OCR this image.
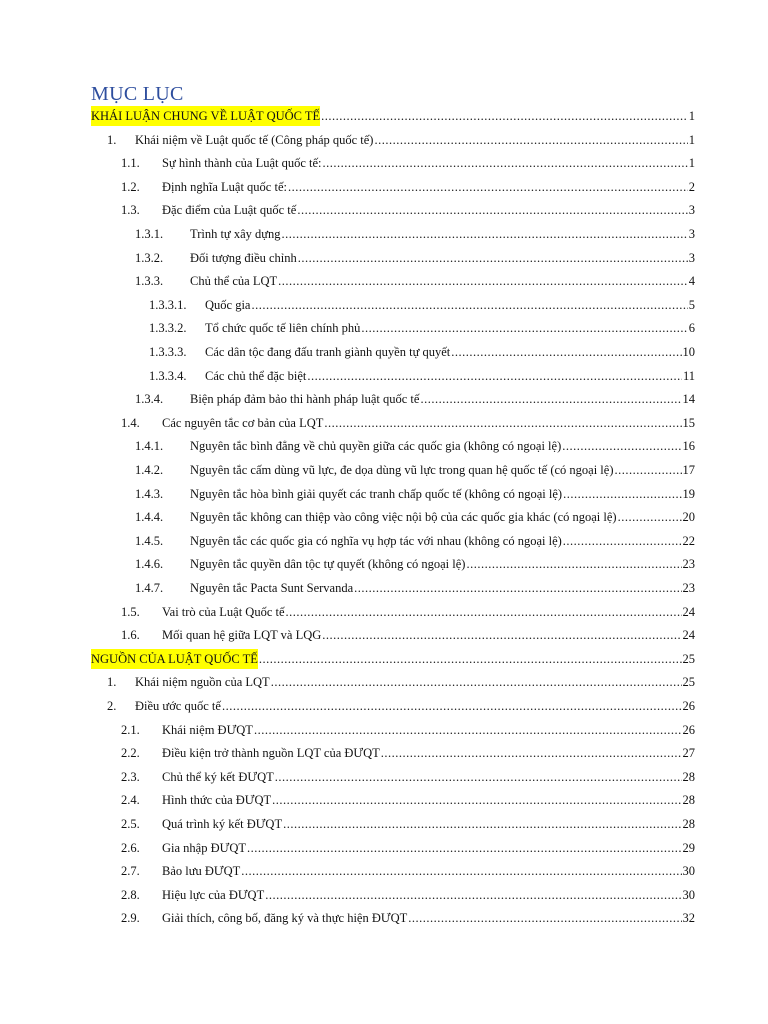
MỤC LỤC
KHÁI LUẬN CHUNG VỀ LUẬT QUỐC TẾ .....	1
1. Khái niệm về Luật quốc tế (Công pháp quốc tế) .....	1
1.1. Sự hình thành của Luật quốc tế: .....	1
1.2. Định nghĩa Luật quốc tế: .....	2
1.3. Đặc điểm của Luật quốc tế .....	3
1.3.1. Trình tự xây dựng .....	3
1.3.2. Đối tượng điều chỉnh .....	3
1.3.3. Chủ thể của LQT .....	4
1.3.3.1. Quốc gia .....	5
1.3.3.2. Tổ chức quốc tế liên chính phủ .....	6
1.3.3.3. Các dân tộc đang đấu tranh giành quyền tự quyết .....	10
1.3.3.4. Các chủ thể đặc biệt .....	11
1.3.4. Biện pháp đảm bảo thi hành pháp luật quốc tế .....	14
1.4. Các nguyên tắc cơ bản của LQT .....	15
1.4.1. Nguyên tắc bình đẳng về chủ quyền giữa các quốc gia (không có ngoại lệ) .....	16
1.4.2. Nguyên tắc cấm dùng vũ lực, đe dọa dùng vũ lực trong quan hệ quốc tế (có ngoại lệ) .....	17
1.4.3. Nguyên tắc hòa bình giải quyết các tranh chấp quốc tế (không có ngoại lệ) .....	19
1.4.4. Nguyên tắc không can thiệp vào công việc nội bộ của các quốc gia khác (có ngoại lệ) .....	20
1.4.5. Nguyên tắc các quốc gia có nghĩa vụ hợp tác với nhau (không có ngoại lệ) .....	22
1.4.6. Nguyên tắc quyền dân tộc tự quyết (không có ngoại lệ) .....	23
1.4.7. Nguyên tắc Pacta Sunt Servanda .....	23
1.5. Vai trò của Luật Quốc tế .....	24
1.6. Mối quan hệ giữa LQT và LQG .....	24
NGUỒN CỦA LUẬT QUỐC TẾ .....	25
1. Khái niệm nguồn của LQT .....	25
2. Điều ước quốc tế .....	26
2.1. Khái niệm ĐƯQT .....	26
2.2. Điều kiện trở thành nguồn LQT của ĐƯQT .....	27
2.3. Chủ thể ký kết ĐƯQT .....	28
2.4. Hình thức của ĐƯQT .....	28
2.5. Quá trình ký kết ĐƯQT .....	28
2.6. Gia nhập ĐƯQT .....	29
2.7. Bảo lưu ĐƯQT .....	30
2.8. Hiệu lực của ĐƯQT .....	30
2.9. Giải thích, công bố, đăng ký và thực hiện ĐƯQT .....	32
